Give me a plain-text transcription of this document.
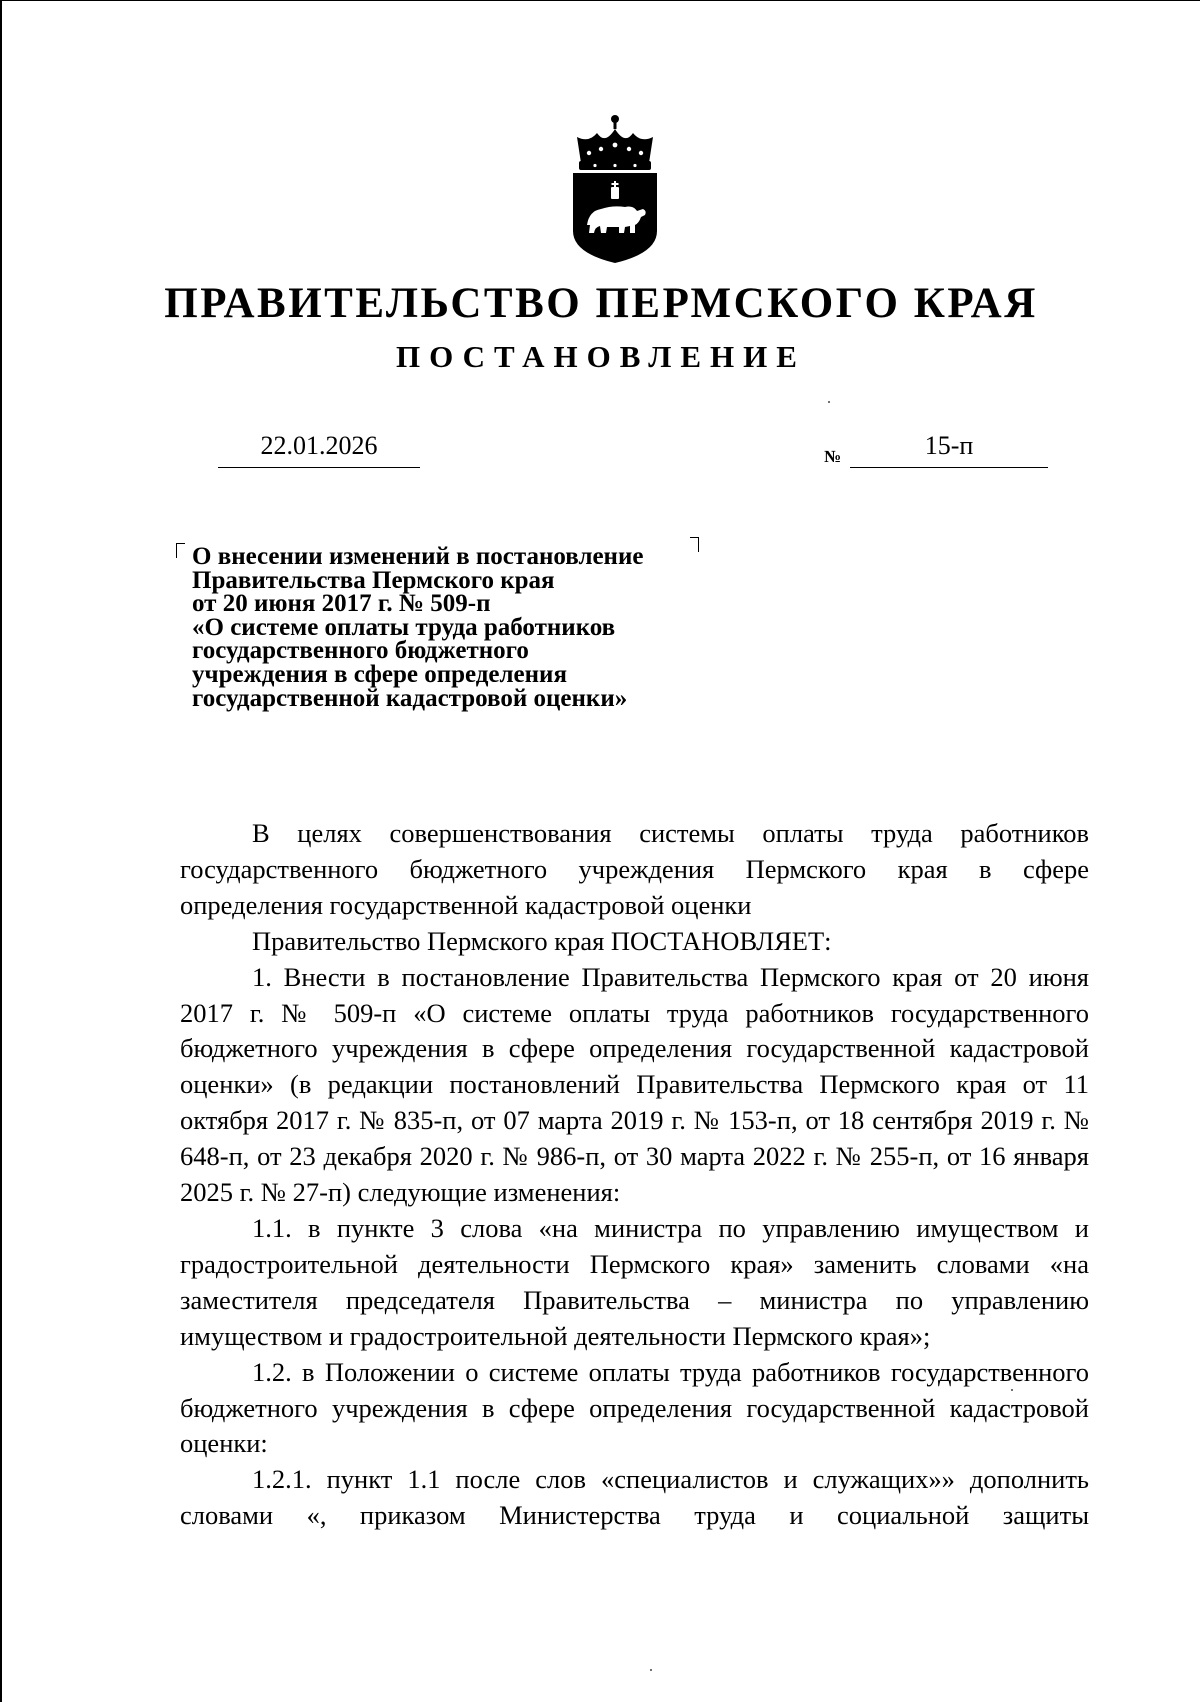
ПРАВИТЕЛЬСТВО ПЕРМСКОГО КРАЯ
ПОСТАНОВЛЕНИЕ
22.01.2026	№	15-п
О внесении изменений в постановление
Правительства Пермского края
от 20 июня 2017 г. № 509-п
«О системе оплаты труда работников
государственного бюджетного
учреждения в сфере определения
государственной кадастровой оценки»

В целях совершенствования системы оплаты труда работников государственного бюджетного учреждения Пермского края в сфере определения государственной кадастровой оценки

Правительство Пермского края ПОСТАНОВЛЯЕТ:

1. Внести в постановление Правительства Пермского края от 20 июня 2017 г. № 509-п «О системе оплаты труда работников государственного бюджетного учреждения в сфере определения государственной кадастровой оценки» (в редакции постановлений Правительства Пермского края от 11 октября 2017 г. № 835-п, от 07 марта 2019 г. № 153-п, от 18 сентября 2019 г. № 648-п, от 23 декабря 2020 г. № 986-п, от 30 марта 2022 г. № 255-п, от 16 января 2025 г. № 27-п) следующие изменения:

1.1. в пункте 3 слова «на министра по управлению имуществом и градостроительной деятельности Пермского края» заменить словами «на заместителя председателя Правительства – министра по управлению имуществом и градостроительной деятельности Пермского края»;

1.2. в Положении о системе оплаты труда работников государственного бюджетного учреждения в сфере определения государственной кадастровой оценки:

1.2.1. пункт 1.1 после слов «специалистов и служащих»» дополнить словами «, приказом Министерства труда и социальной защиты
